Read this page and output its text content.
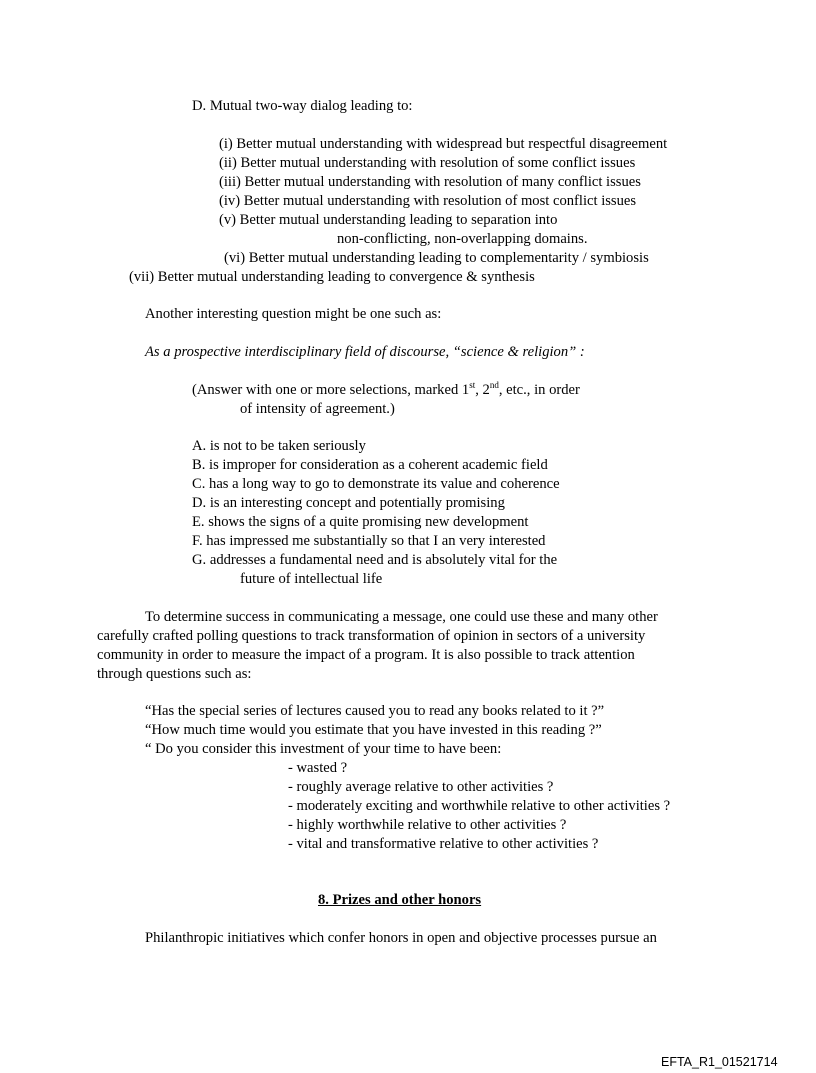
D. Mutual two-way dialog leading to:
(i) Better mutual understanding with widespread but respectful disagreement
(ii) Better mutual understanding with resolution of some conflict issues
(iii) Better mutual understanding with resolution of many conflict issues
(iv) Better mutual understanding with resolution of most conflict issues
(v) Better mutual understanding leading to separation into
non-conflicting, non-overlapping domains.
(vi) Better mutual understanding leading to complementarity / symbiosis
(vii) Better mutual understanding leading to convergence & synthesis
Another interesting question might be one such as:
As a prospective interdisciplinary field of discourse, “science & religion” :
(Answer with one or more selections, marked 1st, 2nd, etc., in order
of intensity of agreement.)
A. is not to be taken seriously
B. is improper for consideration as a coherent academic field
C. has a long way to go to demonstrate its value and coherence
D. is an interesting concept and potentially promising
E. shows the signs of a quite promising new development
F. has impressed me substantially so that I an very interested
G. addresses a fundamental need and is absolutely vital for the
future of intellectual life
To determine success in communicating a message, one could use these and many other
carefully crafted polling questions to track transformation of opinion in sectors of a university
community in order to measure the impact of a program. It is also possible to track attention
through questions such as:
“Has the special series of lectures caused you to read any books related to it ?”
“How much time would you estimate that you have invested in this reading ?”
“ Do you consider this investment of your time to have been:
- wasted ?
- roughly average relative to other activities ?
- moderately exciting and worthwhile relative to other activities ?
- highly worthwhile relative to other activities ?
- vital and transformative relative to other activities ?
8. Prizes and other honors
Philanthropic initiatives which confer honors in open and objective processes pursue an
EFTA_R1_01521714
